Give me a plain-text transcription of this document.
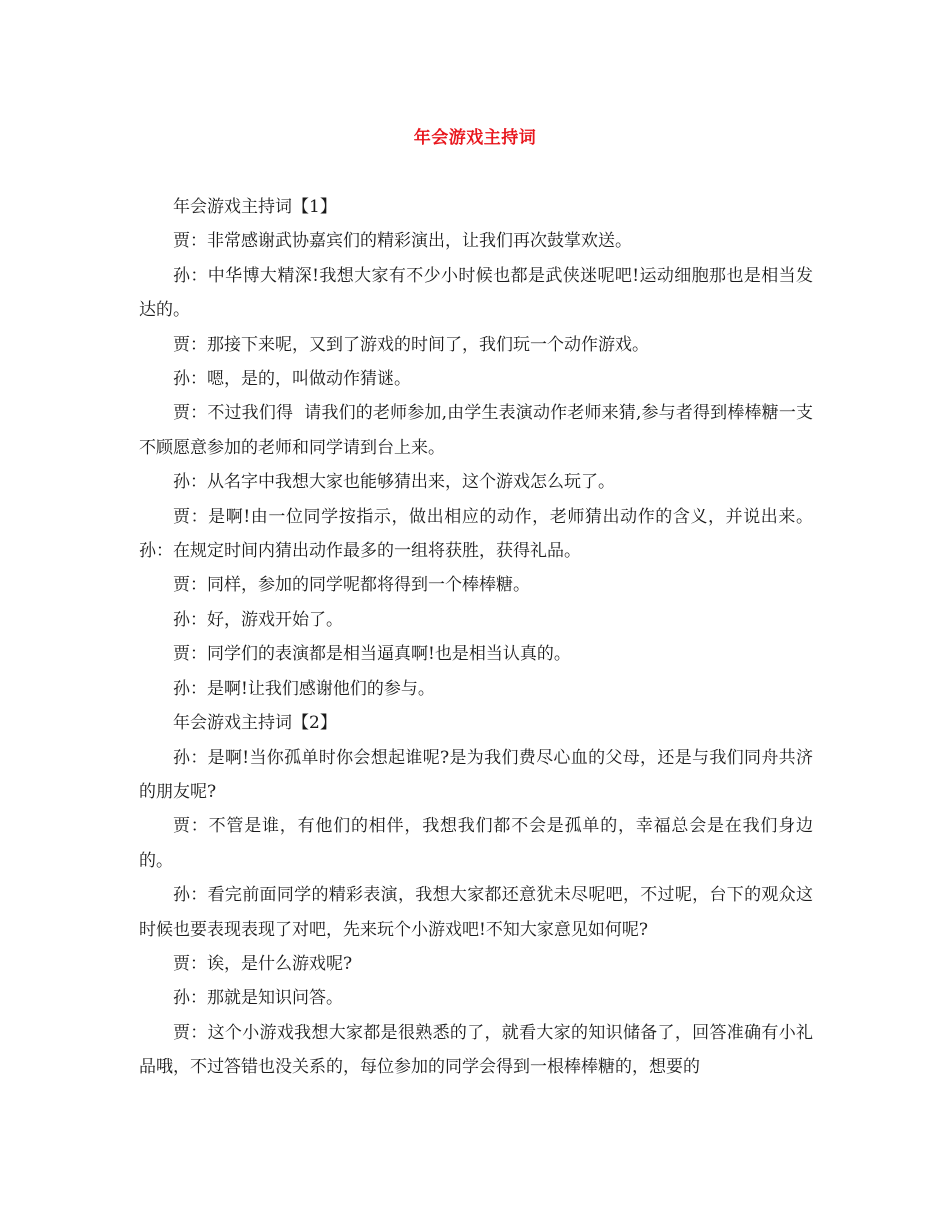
年会游戏主持词

年会游戏主持词【1】

贾：非常感谢武协嘉宾们的精彩演出，让我们再次鼓掌欢送。

孙：中华博大精深!我想大家有不少小时候也都是武侠迷呢吧!运动细胞那也是相当发达的。

贾：那接下来呢，又到了游戏的时间了，我们玩一个动作游戏。

孙：嗯，是的，叫做动作猜谜。

贾：不过我们得  请我们的老师参加,由学生表演动作老师来猜,参与者得到棒棒糖一支不顾愿意参加的老师和同学请到台上来。

孙：从名字中我想大家也能够猜出来，这个游戏怎么玩了。

贾：是啊!由一位同学按指示，做出相应的动作，老师猜出动作的含义，并说出来。  孙：在规定时间内猜出动作最多的一组将获胜，获得礼品。

贾：同样，参加的同学呢都将得到一个棒棒糖。

孙：好，游戏开始了。

贾：同学们的表演都是相当逼真啊!也是相当认真的。

孙：是啊!让我们感谢他们的参与。

年会游戏主持词【2】

孙：是啊!当你孤单时你会想起谁呢?是为我们费尽心血的父母，还是与我们同舟共济的朋友呢?

贾：不管是谁，有他们的相伴，我想我们都不会是孤单的，幸福总会是在我们身边的。

孙：看完前面同学的精彩表演，我想大家都还意犹未尽呢吧，不过呢，台下的观众这时候也要表现表现了对吧，先来玩个小游戏吧!不知大家意见如何呢?

贾：诶，是什么游戏呢?

孙：那就是知识问答。

贾：这个小游戏我想大家都是很熟悉的了，就看大家的知识储备了，回答准确有小礼品哦，不过答错也没关系的，每位参加的同学会得到一根棒棒糖的，想要的
